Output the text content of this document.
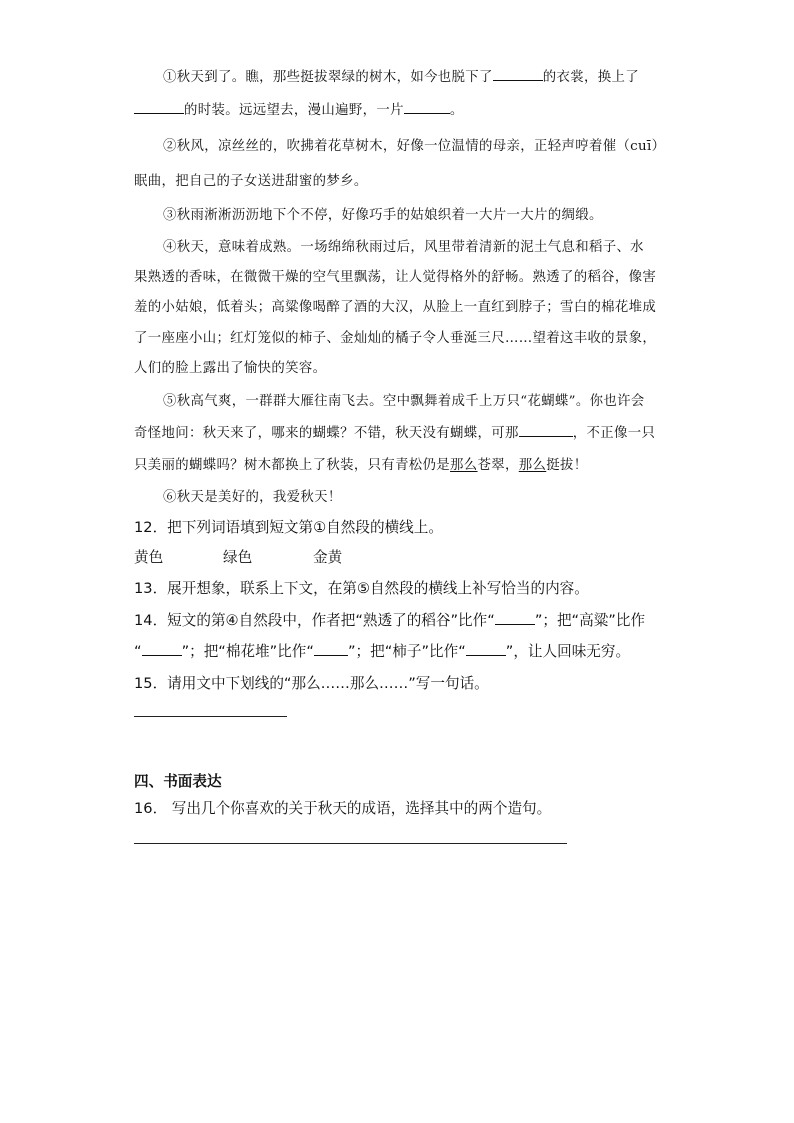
①秋天到了。瞧，那些挺拔翠绿的树木，如今也脱下了	的衣裳，换上了
的时装。远远望去，漫山遍野，一片	。
②秋风，凉丝丝的，吹拂着花草树木，好像一位温情的母亲，正轻声哼着催（cuī）
眠曲，把自己的子女送进甜蜜的梦乡。
③秋雨淅淅沥沥地下个不停，好像巧手的姑娘织着一大片一大片的绸缎。
④秋天，意味着成熟。一场绵绵秋雨过后，风里带着清新的泥土气息和稻子、水
果熟透的香味，在微微干燥的空气里飘荡，让人觉得格外的舒畅。熟透了的稻谷，像害
羞的小姑娘，低着头；高粱像喝醉了酒的大汉，从脸上一直红到脖子；雪白的棉花堆成
了一座座小山；红灯笼似的柿子、金灿灿的橘子令人垂涎三尺……望着这丰收的景象，
人们的脸上露出了愉快的笑容。
⑤秋高气爽，一群群大雁往南飞去。空中飘舞着成千上万只“花蝴蝶”。你也许会
奇怪地问：秋天来了，哪来的蝴蝶？不错，秋天没有蝴蝶，可那	，不正像一只
只美丽的蝴蝶吗？树木都换上了秋装，只有青松仍是那么苍翠，那么挺拔！
⑥秋天是美好的，我爱秋天！
12．把下列词语填到短文第①自然段的横线上。
黄色	绿色	金黄
13．展开想象，联系上下文，在第⑤自然段的横线上补写恰当的内容。
14．短文的第④自然段中，作者把“熟透了的稻谷”比作“	”；把“高粱”比作
“	”；把“棉花堆”比作“ ”；把“柿子”比作“	”，让人回味无穷。
15．请用文中下划线的“那么……那么……”写一句话。
四、书面表达
16． 写出几个你喜欢的关于秋天的成语，选择其中的两个造句。
